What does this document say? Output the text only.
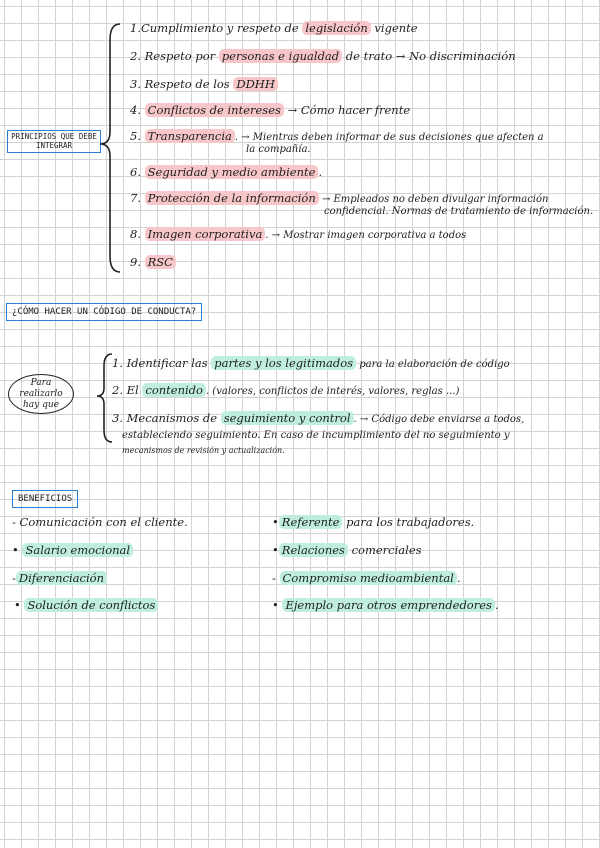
PRINCIPIOS QUE DEBE INTEGRAR
1.Cumplimiento y respeto de legislación vigente
2. Respeto por personas e igualdad de trato → No discriminación
3. Respeto de los DDHH
4. Conflictos de intereses → Cómo hacer frente
5. Transparencia . → Mientras deben informar de sus decisiones que afecten a
la compañía.
6. Seguridad y medio ambiente .
7. Protección de la información → Empleados no deben divulgar información
confidencial. Normas de tratamiento de información.
8. Imagen corporativa . → Mostrar imagen corporativa a todos
9. RSC
¿CÓMO HACER UN CÓDIGO DE CONDUCTA?
Para realizarlo hay que
1. Identificar las partes y los legitimados para la elaboración de código
2. El contenido . (valores, conflictos de interés, valores, reglas ...)
3. Mecanismos de seguimiento y control . → Código debe enviarse a todos,
estableciendo seguimiento. En caso de incumplimiento del no seguimiento y
mecanismos de revisión y actualización.
BENEFICIOS
- Comunicación con el cliente.
• Salario emocional
- Diferenciación
• Solución de conflictos
• Referente para los trabajadores.
• Relaciones comerciales
- Compromiso medioambiental .
• Ejemplo para otros emprendedores .
